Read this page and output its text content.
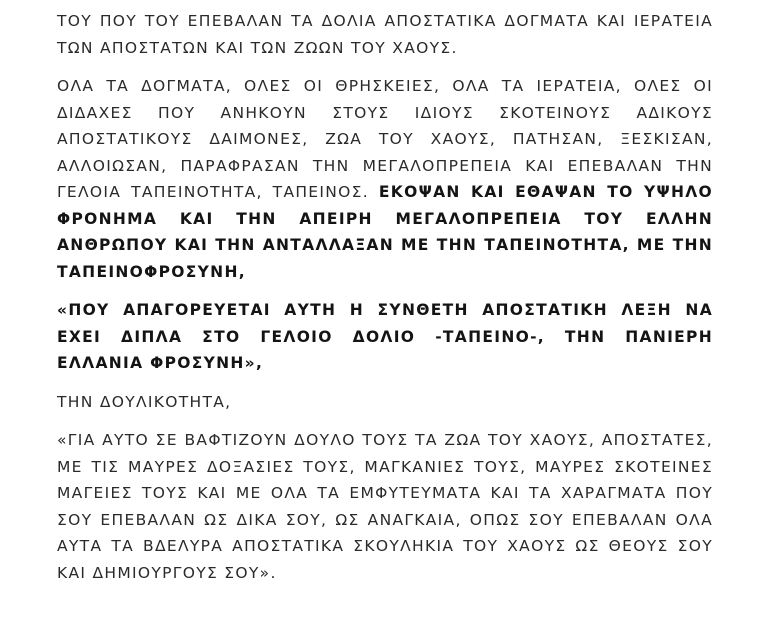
ΤΟΥ ΠΟΥ ΤΟΥ ΕΠΕΒΑΛΑΝ ΤΑ ΔΟΛΙΑ ΑΠΟΣΤΑΤΙΚΑ ΔΟΓΜΑΤΑ ΚΑΙ ΙΕΡΑΤΕΙΑ ΤΩΝ ΑΠΟΣΤΑΤΩΝ ΚΑΙ ΤΩΝ ΖΩΩΝ ΤΟΥ ΧΑΟΥΣ.

ΟΛΑ ΤΑ ΔΟΓΜΑΤΑ, ΟΛΕΣ ΟΙ ΘΡΗΣΚΕΙΕΣ, ΟΛΑ ΤΑ ΙΕΡΑΤΕΙΑ, ΟΛΕΣ ΟΙ ΔΙΔΑΧΕΣ ΠΟΥ ΑΝΗΚΟΥΝ ΣΤΟΥΣ ΙΔΙΟΥΣ ΣΚΟΤΕΙΝΟΥΣ ΑΔΙΚΟΥΣ ΑΠΟΣΤΑΤΙΚΟΥΣ ΔΑΙΜΟΝΕΣ, ΖΩΑ ΤΟΥ ΧΑΟΥΣ, ΠΑΤΗΣΑΝ, ΞΕΣΚΙΣΑΝ, ΑΛΛΟΙΩΣΑΝ, ΠΑΡΑΦΡΑΣΑΝ ΤΗΝ ΜΕΓΑΛΟΠΡΕΠΕΙΑ ΚΑΙ ΕΠΕΒΑΛΑΝ ΤΗΝ ΓΕΛΟΙΑ ΤΑΠΕΙΝΟΤΗΤΑ, ΤΑΠΕΙΝΟΣ. ΕΚΟΨΑΝ ΚΑΙ ΕΘΑΨΑΝ ΤΟ ΥΨΗΛΟ ΦΡΟΝΗΜΑ ΚΑΙ ΤΗΝ ΑΠΕΙΡΗ ΜΕΓΑΛΟΠΡΕΠΕΙΑ ΤΟΥ ΕΛΛΗΝ ΑΝΘΡΩΠΟΥ ΚΑΙ ΤΗΝ ΑΝΤΑΛΛΑΞΑΝ ΜΕ ΤΗΝ ΤΑΠΕΙΝΟΤΗΤΑ, ΜΕ ΤΗΝ ΤΑΠΕΙΝΟΦΡΟΣΥΝΗ,

«ΠΟΥ ΑΠΑΓΟΡΕΥΕΤΑΙ ΑΥΤΗ Η ΣΥΝΘΕΤΗ ΑΠΟΣΤΑΤΙΚΗ ΛΕΞΗ ΝΑ ΕΧΕΙ ΔΙΠΛΑ ΣΤΟ ΓΕΛΟΙΟ ΔΟΛΙΟ -ΤΑΠΕΙΝΟ-, ΤΗΝ ΠΑΝΙΕΡΗ ΕΛΛΑΝΙΑ ΦΡΟΣΥΝΗ»,

ΤΗΝ ΔΟΥΛΙΚΟΤΗΤΑ,

«ΓΙΑ ΑΥΤΟ ΣΕ ΒΑΦΤΙΖΟΥΝ ΔΟΥΛΟ ΤΟΥΣ ΤΑ ΖΩΑ ΤΟΥ ΧΑΟΥΣ, ΑΠΟΣΤΑΤΕΣ, ΜΕ ΤΙΣ ΜΑΥΡΕΣ ΔΟΞΑΣΙΕΣ ΤΟΥΣ, ΜΑΓΚΑΝΙΕΣ ΤΟΥΣ, ΜΑΥΡΕΣ ΣΚΟΤΕΙΝΕΣ ΜΑΓΕΙΕΣ ΤΟΥΣ ΚΑΙ ΜΕ ΟΛΑ ΤΑ ΕΜΦΥΤΕΥΜΑΤΑ ΚΑΙ ΤΑ ΧΑΡΑΓΜΑΤΑ ΠΟΥ ΣΟΥ ΕΠΕΒΑΛΑΝ ΩΣ ΔΙΚΑ ΣΟΥ, ΩΣ ΑΝΑΓΚΑΙΑ, ΟΠΩΣ ΣΟΥ ΕΠΕΒΑΛΑΝ ΟΛΑ ΑΥΤΑ ΤΑ ΒΔΕΛΥΡΑ ΑΠΟΣΤΑΤΙΚΑ ΣΚΟΥΛΗΚΙΑ ΤΟΥ ΧΑΟΥΣ ΩΣ ΘΕΟΥΣ ΣΟΥ ΚΑΙ ΔΗΜΙΟΥΡΓΟΥΣ ΣΟΥ».
